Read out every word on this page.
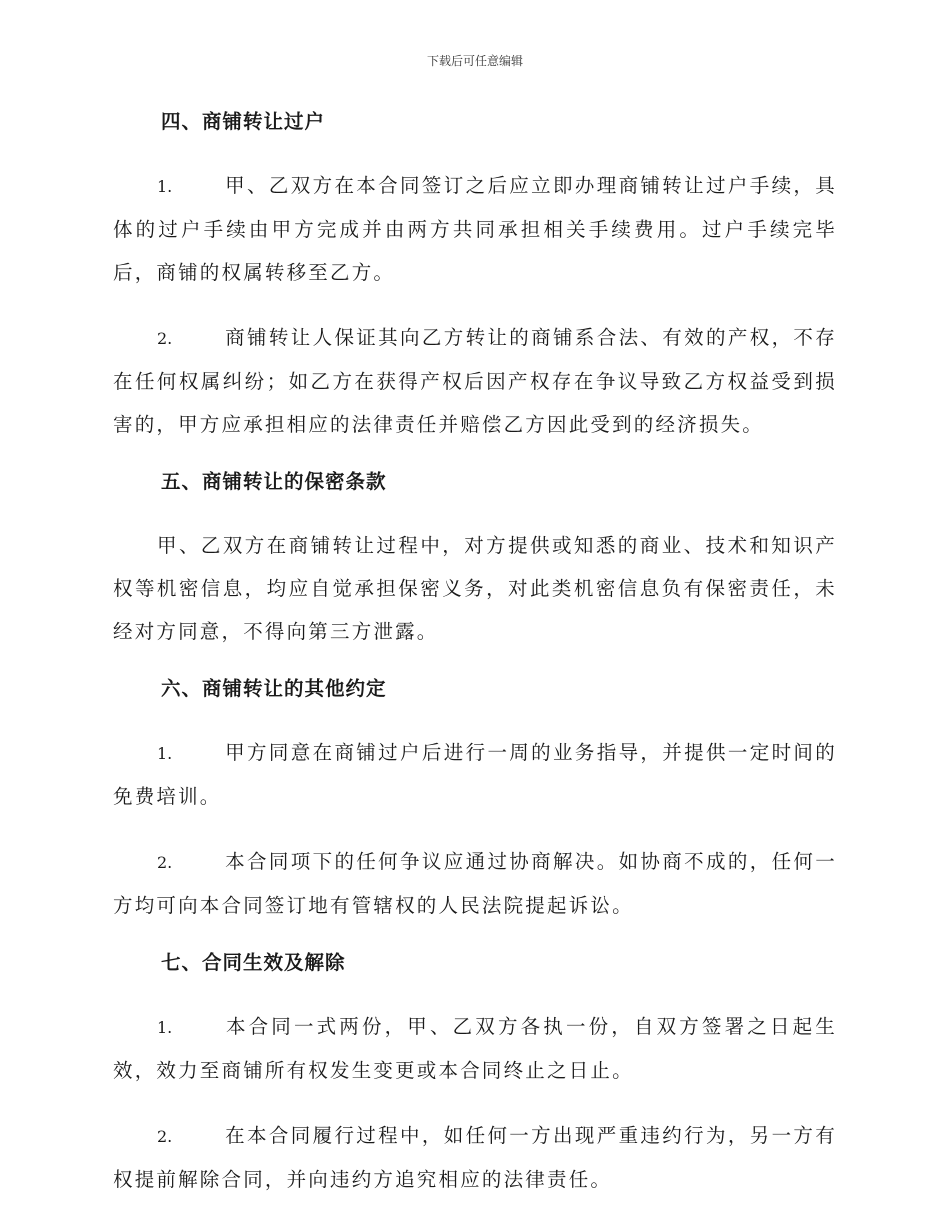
下载后可任意编辑
四、商铺转让过户

1.	甲、乙双方在本合同签订之后应立即办理商铺转让过户手续，具体的过户手续由甲方完成并由两方共同承担相关手续费用。过户手续完毕后，商铺的权属转移至乙方。

2.	商铺转让人保证其向乙方转让的商铺系合法、有效的产权，不存在任何权属纠纷；如乙方在获得产权后因产权存在争议导致乙方权益受到损害的，甲方应承担相应的法律责任并赔偿乙方因此受到的经济损失。

五、商铺转让的保密条款

甲、乙双方在商铺转让过程中，对方提供或知悉的商业、技术和知识产权等机密信息，均应自觉承担保密义务，对此类机密信息负有保密责任，未经对方同意，不得向第三方泄露。

六、商铺转让的其他约定

1.	甲方同意在商铺过户后进行一周的业务指导，并提供一定时间的免费培训。

2.	本合同项下的任何争议应通过协商解决。如协商不成的，任何一方均可向本合同签订地有管辖权的人民法院提起诉讼。

七、合同生效及解除

1.	本合同一式两份，甲、乙双方各执一份，自双方签署之日起生效，效力至商铺所有权发生变更或本合同终止之日止。

2.	在本合同履行过程中，如任何一方出现严重违约行为，另一方有权提前解除合同，并向违约方追究相应的法律责任。
